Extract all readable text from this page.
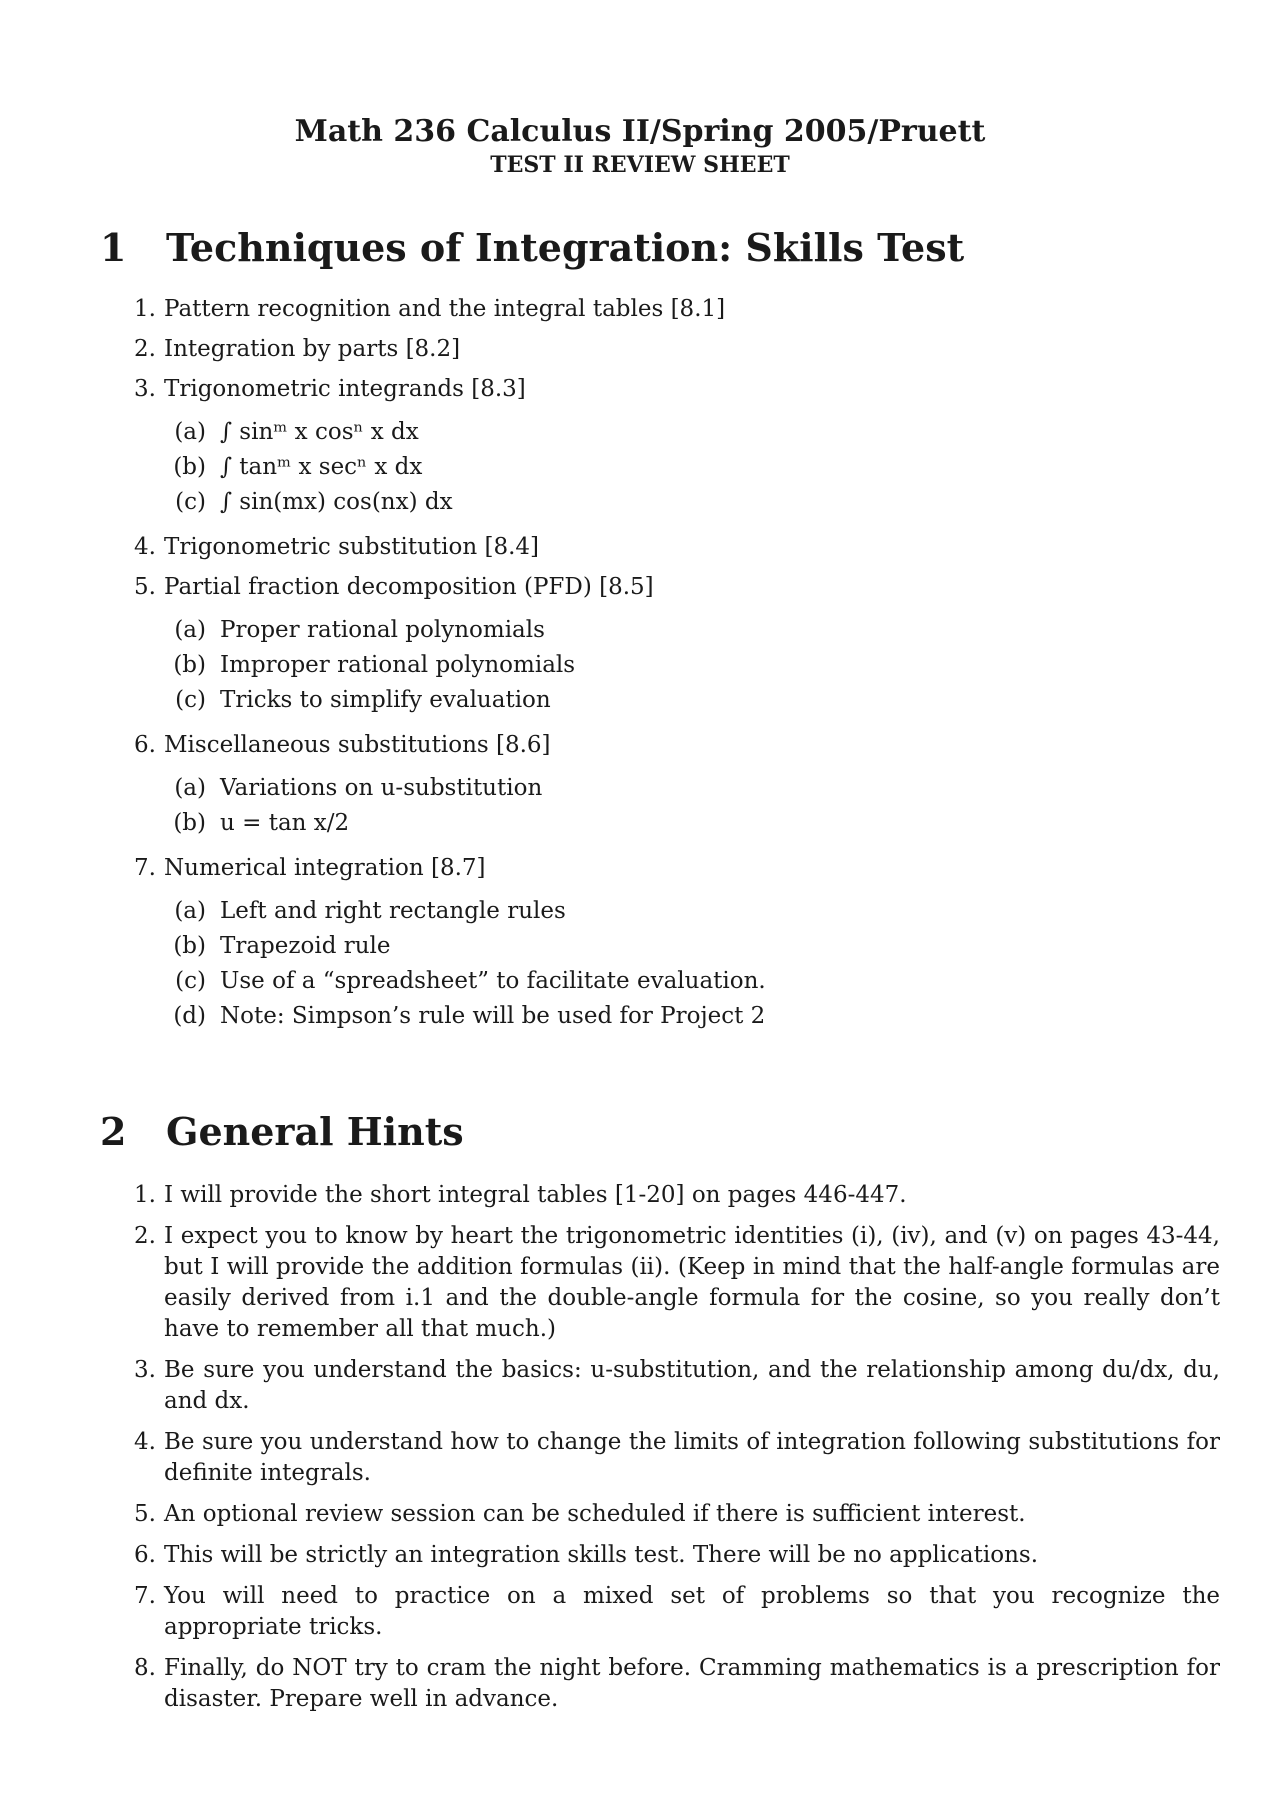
Math 236 Calculus II/Spring 2005/Pruett
TEST II REVIEW SHEET
1 Techniques of Integration: Skills Test
1. Pattern recognition and the integral tables [8.1]
2. Integration by parts [8.2]
3. Trigonometric integrands [8.3]
(a) ∫ sinᵐ x cosⁿ x dx
(b) ∫ tanᵐ x secⁿ x dx
(c) ∫ sin(mx) cos(nx) dx
4. Trigonometric substitution [8.4]
5. Partial fraction decomposition (PFD) [8.5]
(a) Proper rational polynomials
(b) Improper rational polynomials
(c) Tricks to simplify evaluation
6. Miscellaneous substitutions [8.6]
(a) Variations on u-substitution
(b) u = tan x/2
7. Numerical integration [8.7]
(a) Left and right rectangle rules
(b) Trapezoid rule
(c) Use of a “spreadsheet” to facilitate evaluation.
(d) Note: Simpson’s rule will be used for Project 2
2 General Hints
1. I will provide the short integral tables [1-20] on pages 446-447.
2. I expect you to know by heart the trigonometric identities (i), (iv), and (v) on pages 43-44, but I will provide the addition formulas (ii). (Keep in mind that the half-angle formulas are easily derived from i.1 and the double-angle formula for the cosine, so you really don’t have to remember all that much.)
3. Be sure you understand the basics: u-substitution, and the relationship among du/dx, du, and dx.
4. Be sure you understand how to change the limits of integration following substitutions for definite integrals.
5. An optional review session can be scheduled if there is sufficient interest.
6. This will be strictly an integration skills test. There will be no applications.
7. You will need to practice on a mixed set of problems so that you recognize the appropriate tricks.
8. Finally, do NOT try to cram the night before. Cramming mathematics is a prescription for disaster. Prepare well in advance.
